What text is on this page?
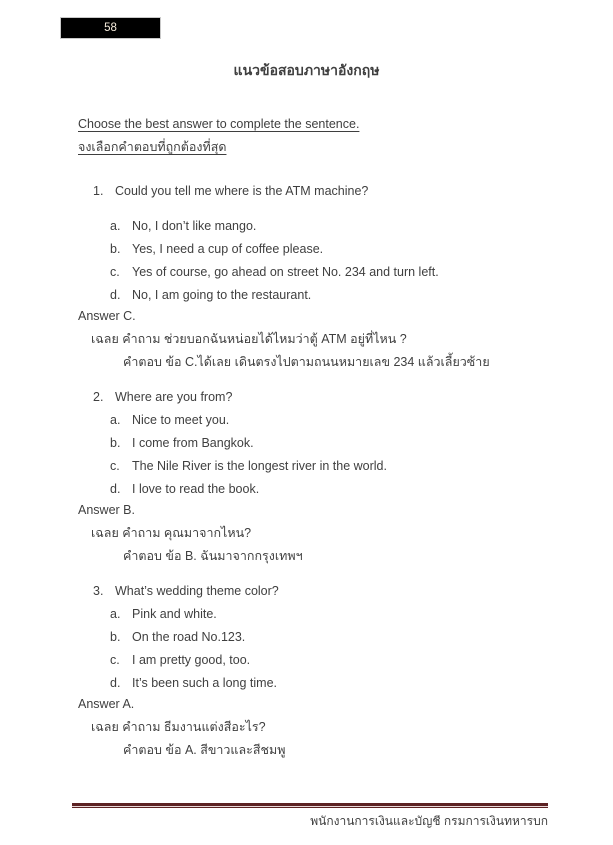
58
แนวข้อสอบภาษาอังกฤษ
Choose the best answer to complete the sentence.
จงเลือกคำตอบที่ถูกต้องที่สุด
1. Could you tell me where is the ATM machine?
a. No, I don’t like mango.
b. Yes, I need a cup of coffee please.
c. Yes of course, go ahead on street No. 234 and turn left.
d. No, I am going to the restaurant.
Answer C.
เฉลย คำถาม ช่วยบอกฉันหน่อยได้ไหมว่าตู้ ATM อยู่ที่ไหน ?
คำตอบ ข้อ C.ได้เลย เดินตรงไปตามถนนหมายเลข 234 แล้วเลี้ยวซ้าย
2. Where are you from?
a. Nice to meet you.
b. I come from Bangkok.
c. The Nile River is the longest river in the world.
d. I love to read the book.
Answer B.
เฉลย คำถาม คุณมาจากไหน?
คำตอบ ข้อ B. ฉันมาจากกรุงเทพฯ
3. What’s wedding theme color?
a. Pink and white.
b. On the road No.123.
c. I am pretty good, too.
d. It’s been such a long time.
Answer A.
เฉลย คำถาม ธีมงานแต่งสีอะไร?
คำตอบ ข้อ A. สีขาวและสีชมพู
พนักงานการเงินและบัญชี กรมการเงินทหารบก
